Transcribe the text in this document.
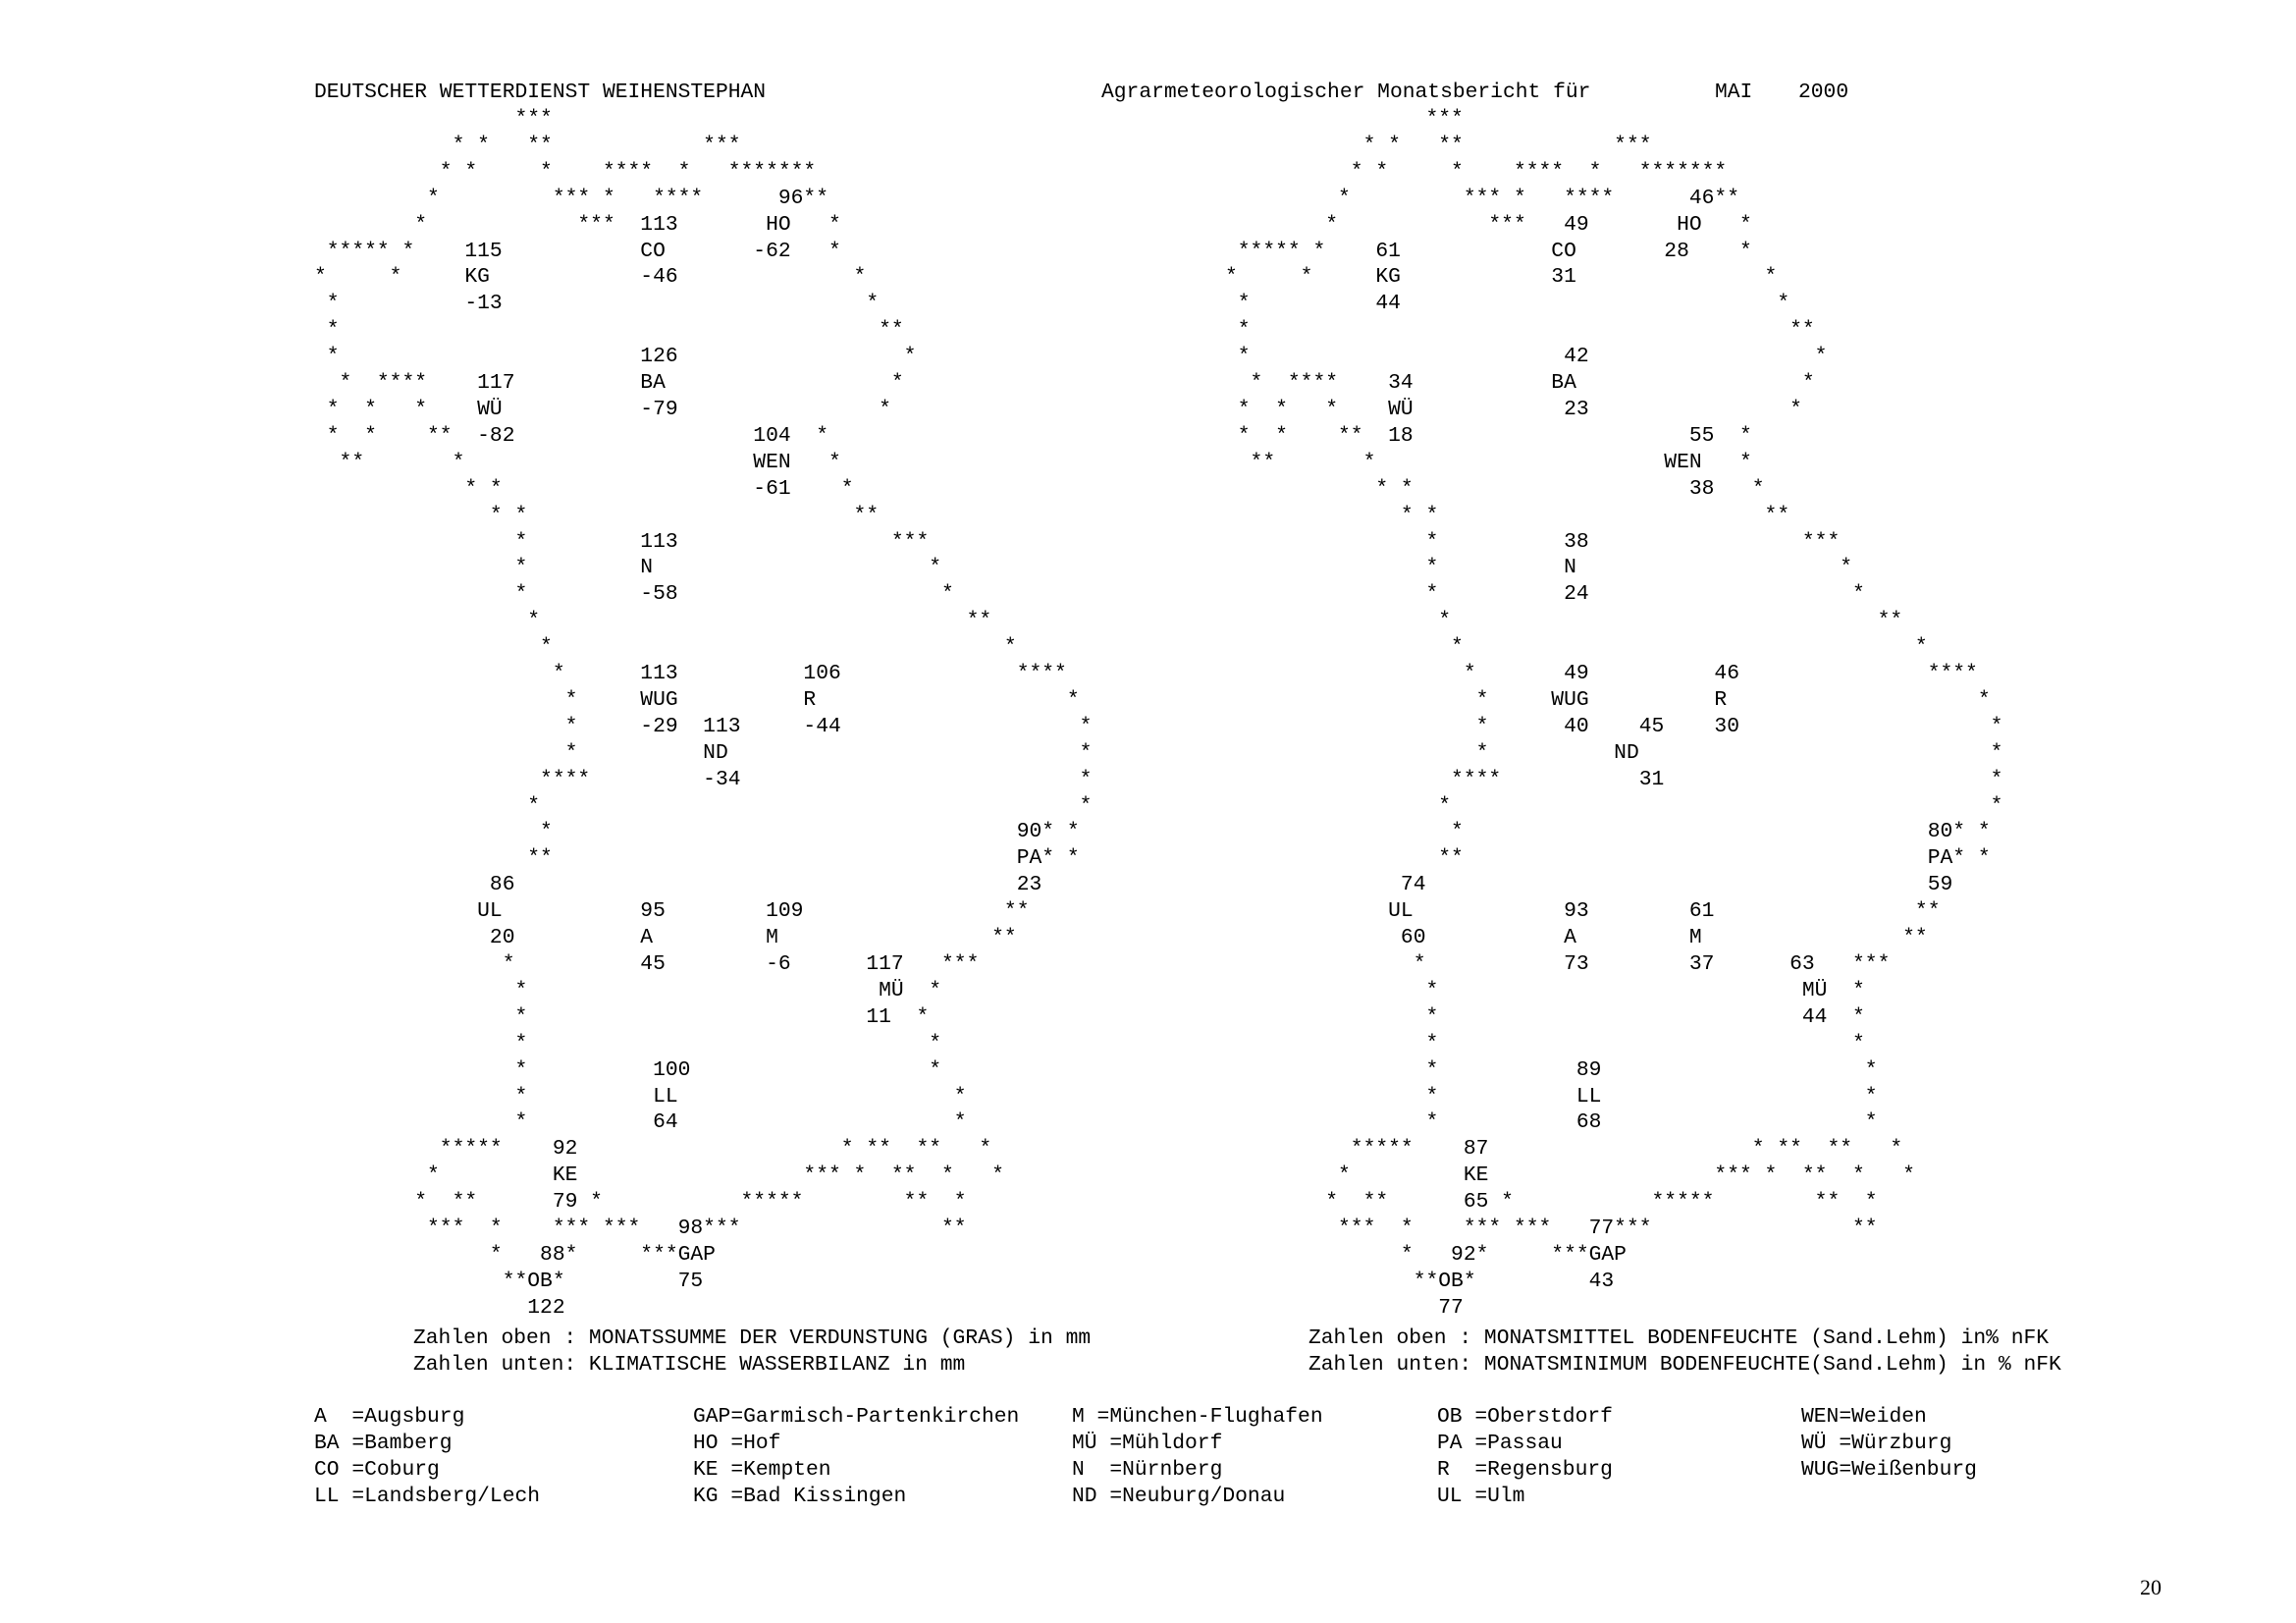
DEUTSCHER WETTERDIENST WEIHENSTEPHAN	Agrarmeteorologischer Monatsbericht für	MAI 2000
***
* *   **            ***
* *     *    ****  *   *******
*         *** *   ****      96**
*            ***  113       HO   *
***** *    115           CO       -62   *
*     *     KG            -46              *
*          -13                             *
*                                           **
*                        126                  *
*  ****    117          BA                  *
*  *   *    WÜ           -79                *
*  *    **  -82                   104  *
**       *                       WEN   *
* *                    -61    *
* *                          **
*         113                 ***
*         N                      *
*         -58                     *
*                                  **
*                                    *
*      113          106              ****
*     WUG          R                    *
*     -29  113     -44                   *
*          ND                            *
****         -34                           *
*                                           *
*                                     90* *
**                                     PA* *
86                                        23
UL           95        109                **
20          A         M                 **
*          45        -6      117   ***
*                            MÜ  *
*                           11  *
*                                *
*          100                   *
*          LL                      *
*          64                      *
*****    92                     * **  **   *
*         KE                  *** *  **  *   *
*  **      79 *           *****        **  *
***  *    *** ***   98***                **
*   88*     ***GAP
**OB*         75
122

***
* *   **            ***
* *     *    ****  *   *******
*         *** *   ****      46**
*            ***   49       HO   *
***** *    61            CO       28    *
*     *     KG            31               *
*          44                              *
*                                           **
*                         42                  *
*  ****    34           BA                  *
*  *   *    WÜ            23                *
*  *    **  18                      55  *
**       *                       WEN   *
* *                      38   *
* *                          **
*          38                 ***
*          N                     *
*          24                     *
*                                  **
*                                    *
*       49          46               ****
*     WUG          R                    *
*      40    45    30                    *
*          ND                            *
****           31                          *
*                                           *
*                                     80* *
**                                     PA* *
74                                        59
UL            93        61                **
60           A         M                **
*           73        37      63   ***
*                             MÜ  *
*                             44  *
*                                 *
*           89                     *
*           LL                     *
*           68                     *
*****    87                     * **  **   *
*         KE                  *** *  **  *   *
*  **      65 *           *****        **  *
***  *    *** ***   77***                **
*   92*     ***GAP
**OB*         43
77

Zahlen oben : MONATSSUMME DER VERDUNSTUNG (GRAS) in mm
Zahlen unten: KLIMATISCHE WASSERBILANZ in mm
Zahlen oben : MONATSMITTEL BODENFEUCHTE (Sand.Lehm) in% nFK
Zahlen unten: MONATSMINIMUM BODENFEUCHTE(Sand.Lehm) in % nFK
A  =Augsburg
BA =Bamberg
CO =Coburg
LL =Landsberg/Lech
GAP=Garmisch-Partenkirchen
HO =Hof
KE =Kempten
KG =Bad Kissingen
M =München-Flughafen
MÜ =Mühldorf
N  =Nürnberg
ND =Neuburg/Donau
OB =Oberstdorf
PA =Passau
R  =Regensburg
UL =Ulm
WEN=Weiden
WÜ =Würzburg
WUG=Weißenburg
20
